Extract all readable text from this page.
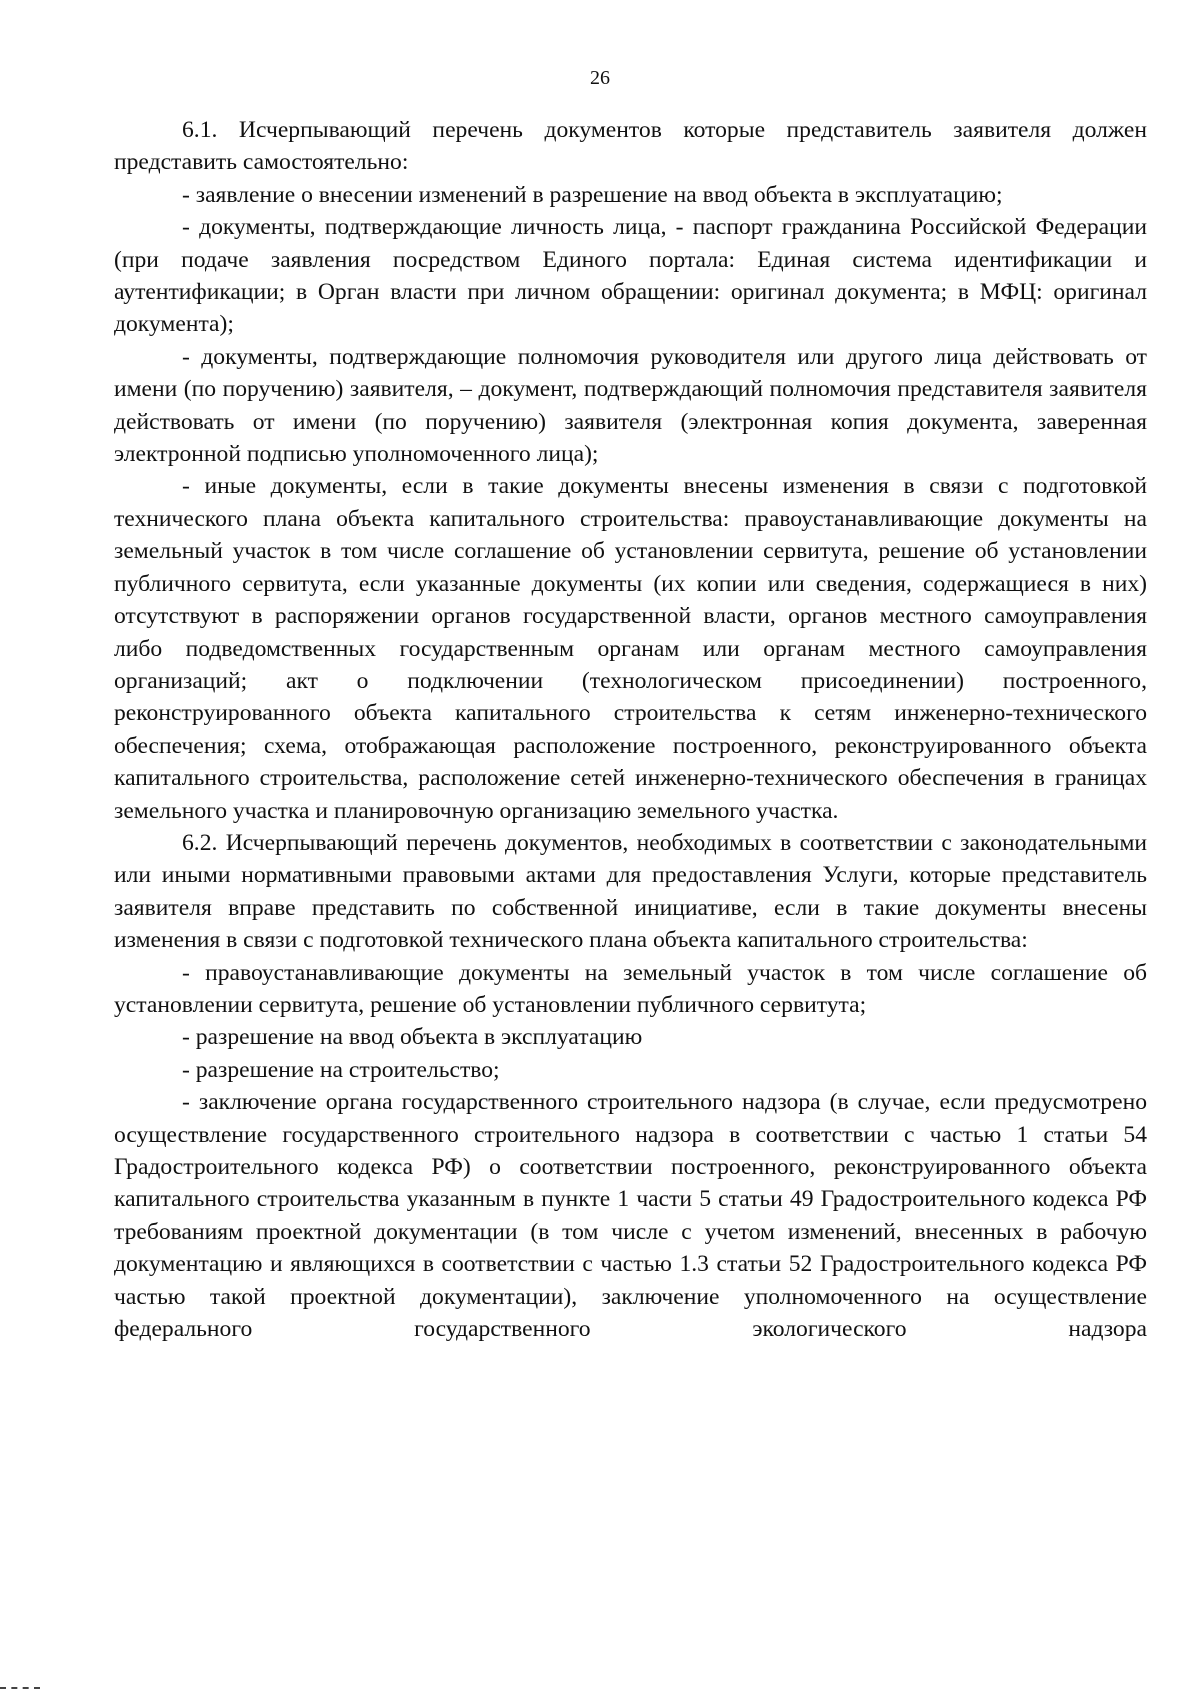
26

6.1. Исчерпывающий перечень документов которые представитель заявителя должен представить самостоятельно:

- заявление о внесении изменений в разрешение на ввод объекта в эксплуатацию;

- документы, подтверждающие личность лица, - паспорт гражданина Российской Федерации (при подаче заявления посредством Единого портала: Единая система идентификации и аутентификации; в Орган власти при личном обращении: оригинал документа; в МФЦ: оригинал документа);

- документы, подтверждающие полномочия руководителя или другого лица действовать от имени (по поручению) заявителя, – документ, подтверждающий полномочия представителя заявителя действовать от имени (по поручению) заявителя (электронная копия документа, заверенная электронной подписью уполномоченного лица);

- иные документы, если в такие документы внесены изменения в связи с подготовкой технического плана объекта капитального строительства: правоустанавливающие документы на земельный участок в том числе соглашение об установлении сервитута, решение об установлении публичного сервитута, если указанные документы (их копии или сведения, содержащиеся в них) отсутствуют в распоряжении органов государственной власти, органов местного самоуправления либо подведомственных государственным органам или органам местного самоуправления организаций; акт о подключении (технологическом присоединении) построенного, реконструированного объекта капитального строительства к сетям инженерно-технического обеспечения; схема, отображающая расположение построенного, реконструированного объекта капитального строительства, расположение сетей инженерно-технического обеспечения в границах земельного участка и планировочную организацию земельного участка.

6.2. Исчерпывающий перечень документов, необходимых в соответствии с законодательными или иными нормативными правовыми актами для предоставления Услуги, которые представитель заявителя вправе представить по собственной инициативе, если в такие документы внесены изменения в связи с подготовкой технического плана объекта капитального строительства:

- правоустанавливающие документы на земельный участок в том числе соглашение об установлении сервитута, решение об установлении публичного сервитута;

- разрешение на ввод объекта в эксплуатацию

- разрешение на строительство;

- заключение органа государственного строительного надзора (в случае, если предусмотрено осуществление государственного строительного надзора в соответствии с частью 1 статьи 54 Градостроительного кодекса РФ) о соответствии построенного, реконструированного объекта капитального строительства указанным в пункте 1 части 5 статьи 49 Градостроительного кодекса РФ требованиям проектной документации (в том числе с учетом изменений, внесенных в рабочую документацию и являющихся в соответствии с частью 1.3 статьи 52 Градостроительного кодекса РФ частью такой проектной документации), заключение уполномоченного на осуществление федерального государственного экологического надзора
